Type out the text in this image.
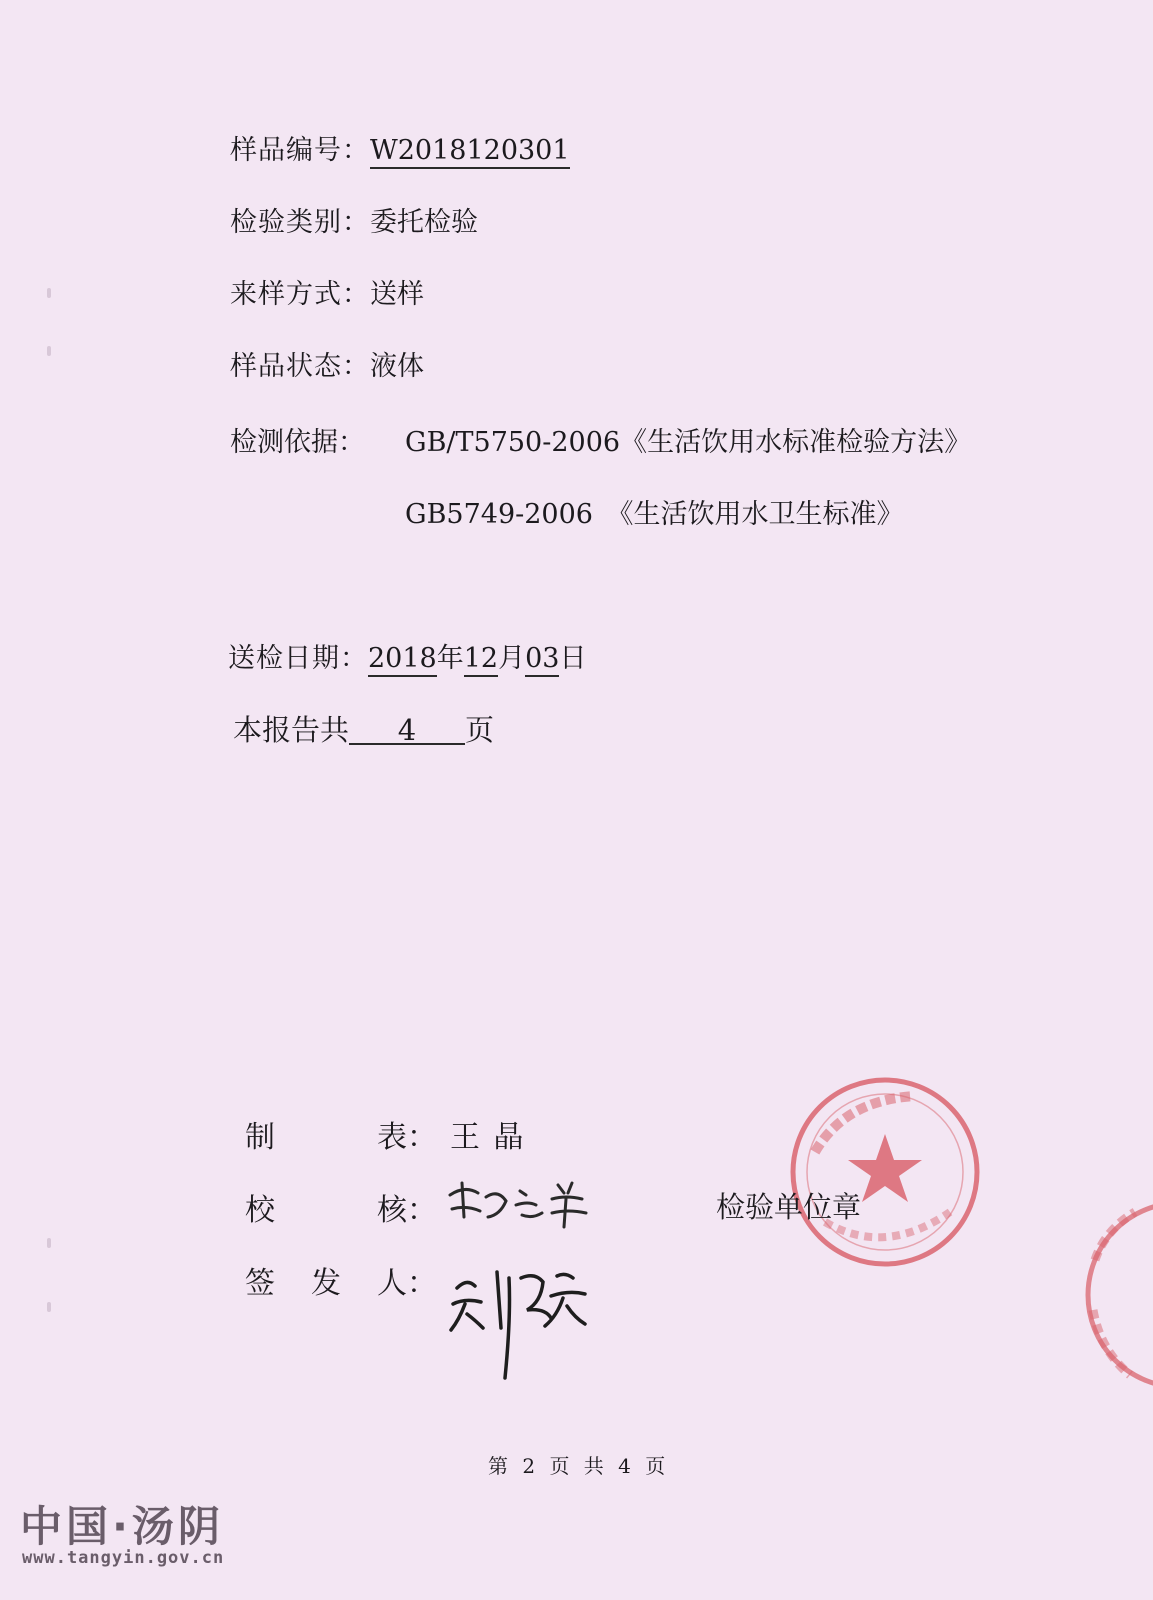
样品编号：W2018120301
检验类别：委托检验
来样方式：送样
样品状态：液体
检测依据： GB/T5750-2006《生活饮用水标准检验方法》
GB5749-2006　《生活饮用水卫生标准》
送检日期：2018年12月03日
本报告共 4 页
制	表： 王 晶
校	核：	检验单位章
签 发 人：
第 2 页 共 4 页
中国·汤阴
www.tangyin.gov.cn
